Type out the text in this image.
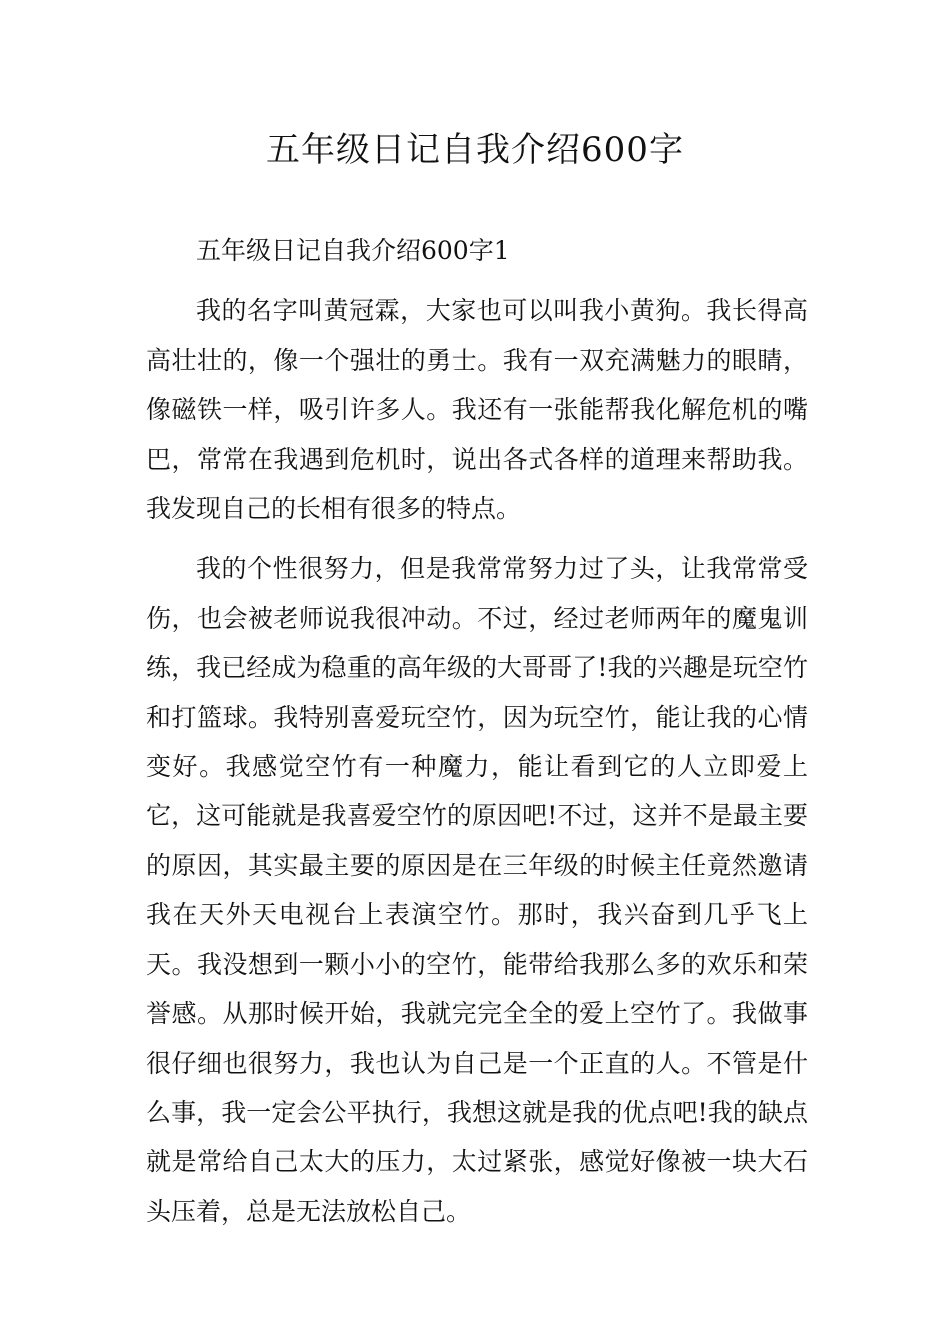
五年级日记自我介绍600字

五年级日记自我介绍600字1

我的名字叫黄冠霖，大家也可以叫我小黄狗。我长得高高壮壮的，像一个强壮的勇士。我有一双充满魅力的眼睛，像磁铁一样，吸引许多人。我还有一张能帮我化解危机的嘴巴，常常在我遇到危机时，说出各式各样的道理来帮助我。我发现自己的长相有很多的特点。

我的个性很努力，但是我常常努力过了头，让我常常受伤，也会被老师说我很冲动。不过，经过老师两年的魔鬼训练，我已经成为稳重的高年级的大哥哥了!我的兴趣是玩空竹和打篮球。我特别喜爱玩空竹，因为玩空竹，能让我的心情变好。我感觉空竹有一种魔力，能让看到它的人立即爱上它，这可能就是我喜爱空竹的原因吧!不过，这并不是最主要的原因，其实最主要的原因是在三年级的时候主任竟然邀请我在天外天电视台上表演空竹。那时，我兴奋到几乎飞上天。我没想到一颗小小的空竹，能带给我那么多的欢乐和荣誉感。从那时候开始，我就完完全全的爱上空竹了。我做事很仔细也很努力，我也认为自己是一个正直的人。不管是什么事，我一定会公平执行，我想这就是我的优点吧!我的缺点就是常给自己太大的压力，太过紧张，感觉好像被一块大石头压着，总是无法放松自己。
